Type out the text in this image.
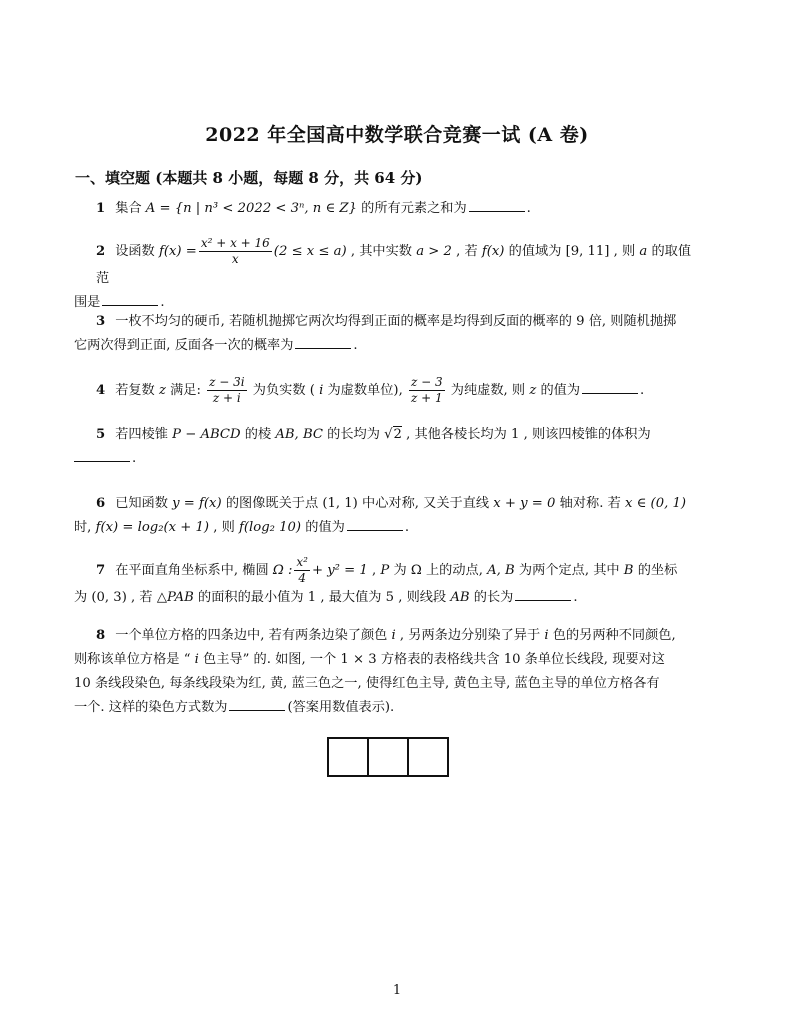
2022 年全国高中数学联合竞赛一试 (A 卷)
一、填空题 (本题共 8 小题，每题 8 分，共 64 分)
1 集合 A = {n | n³ < 2022 < 3ⁿ, n ∈ Z} 的所有元素之和为	.
2 设函数 $f(x) = \frac{\text{x² + x + 16}}{x} (2 \le x \le a)$ , 其中实数 a > 2 , 若 f(x) 的值域为 [9, 11] , 则 a 的取值范
围是	.
3 一枚不均匀的硬币, 若随机抛掷它两次均得到正面的概率是均得到反面的概率的 9 倍, 则随机抛掷
它两次得到正面, 反面各一次的概率为	.
4 若复数 z 满足: $\frac{z - 3i}{z + i}$ 为负实数 ( i 为虚数单位), $\frac{z - 3}{z + 1}$ 为纯虚数, 则 z 的值为	.
5 若四棱锥 P − ABCD 的棱 AB, BC 的长均为 √2 , 其他各棱长均为 1 , 则该四棱锥的体积为
.
6 已知函数 y = f(x) 的图像既关于点 (1, 1) 中心对称, 又关于直线 x + y = 0 轴对称. 若 x ∈ (0, 1)
时, f(x) = log₂(x + 1) , 则 f(log₂ 10) 的值为	.
7 在平面直角坐标系中, 椭圆 Ω : $\frac{\text{x²}}{4} + y^2 = 1$ , P 为 Ω 上的动点, A, B 为两个定点, 其中 B 的坐标
为 (0, 3) , 若 △PAB 的面积的最小值为 1 , 最大值为 5 , 则线段 AB 的长为	.
8 一个单位方格的四条边中, 若有两条边染了颜色 i , 另两条边分别染了异于 i 色的另两种不同颜色,
则称该单位方格是 “ i 色主导” 的. 如图, 一个 1 × 3 方格表的表格线共含 10 条单位长线段, 现要对这
10 条线段染色, 每条线段染为红, 黄, 蓝三色之一, 使得红色主导, 黄色主导, 蓝色主导的单位方格各有
一个. 这样的染色方式数为	(答案用数值表示).
1
